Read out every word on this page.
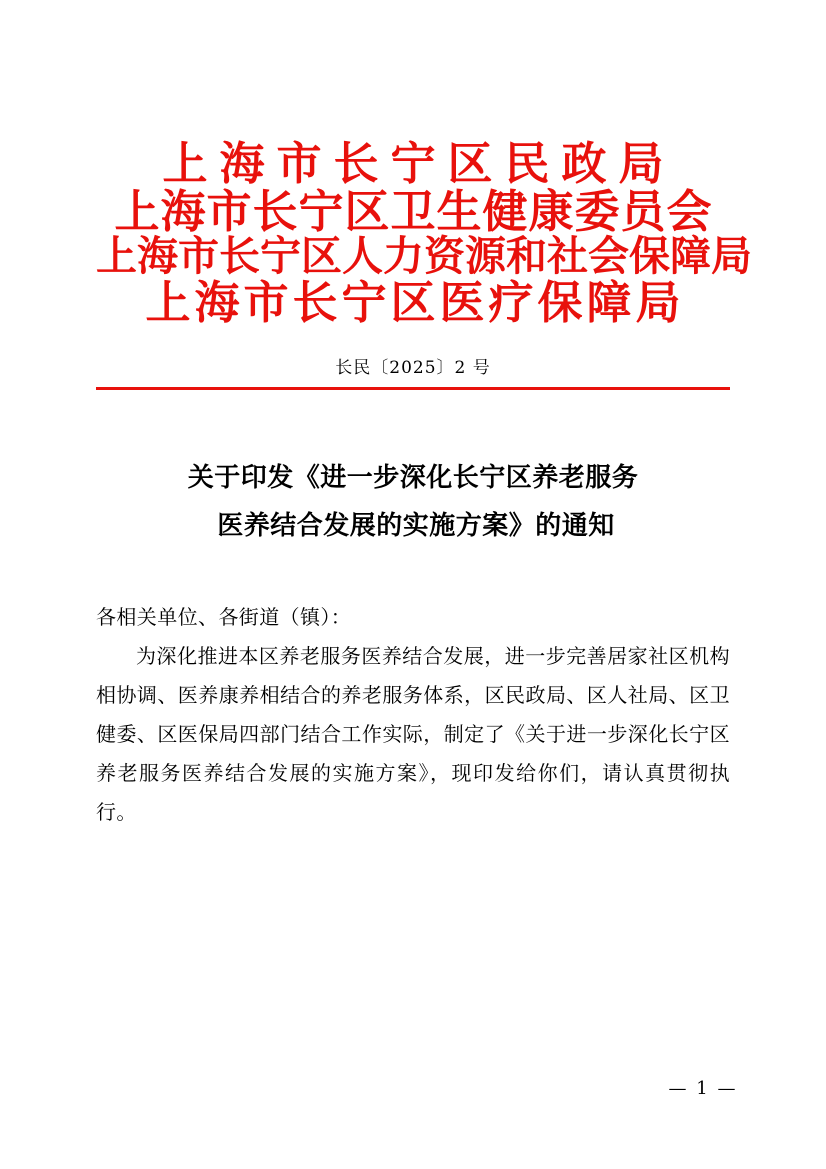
上海市长宁区民政局
上海市长宁区卫生健康委员会
上海市长宁区人力资源和社会保障局
上海市长宁区医疗保障局
长民〔2025〕2 号
关于印发《进一步深化长宁区养老服务
医养结合发展的实施方案》的通知
各相关单位、各街道（镇）：
为深化推进本区养老服务医养结合发展，进一步完善居家社区机构相协调、医养康养相结合的养老服务体系，区民政局、区人社局、区卫健委、区医保局四部门结合工作实际，制定了《关于进一步深化长宁区养老服务医养结合发展的实施方案》，现印发给你们，请认真贯彻执行。
— 1 —
